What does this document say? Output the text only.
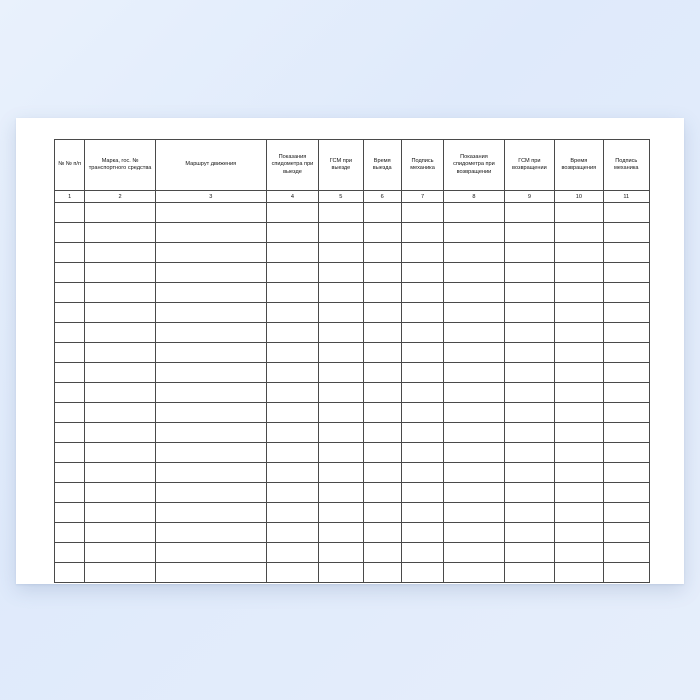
№ № п/п	Марка, гос. № транспортного средства	Маршрут движения	Показания спидометра при выезде	ГСМ при выезде	Время выезда	Подпись механика	Показания спидометра при возвращении	ГСМ при возвращении	Время возвращения	Подпись механика
1	2	3	4	5	6	7	8	9	10	11
